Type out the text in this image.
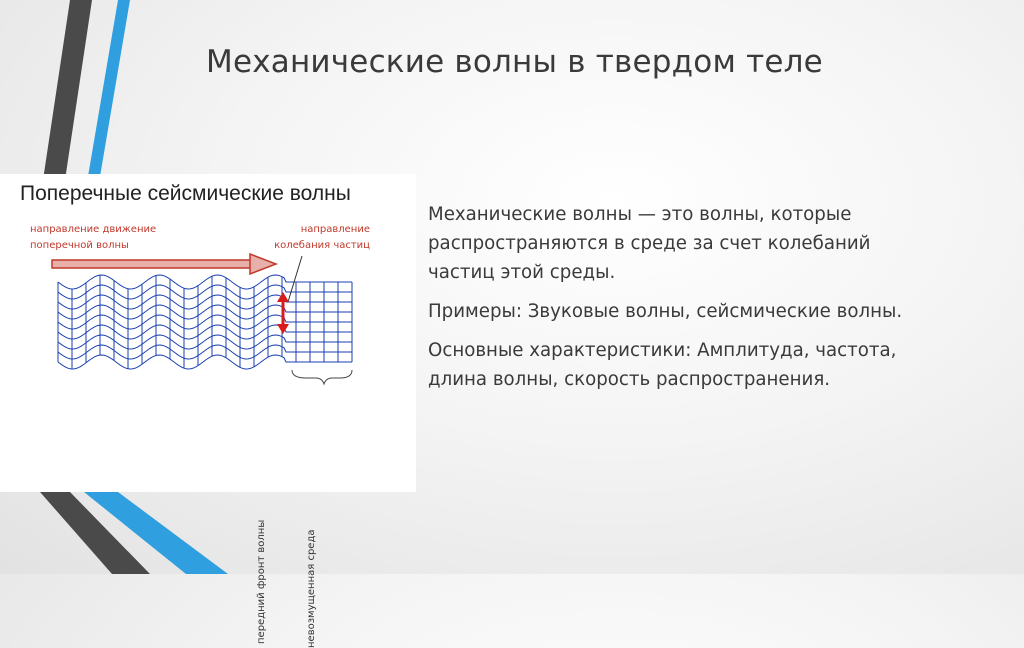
Механические волны в твердом теле
Поперечные сейсмические волны
направление движение поперечной волны
направление колебания частиц
передний фронт волны	невозмущенная среда

Механические волны — это волны, которые распространяются в среде за счет колебаний частиц этой среды.

Примеры: Звуковые волны, сейсмические волны.

Основные характеристики: Амплитуда, частота, длина волны, скорость распространения.
